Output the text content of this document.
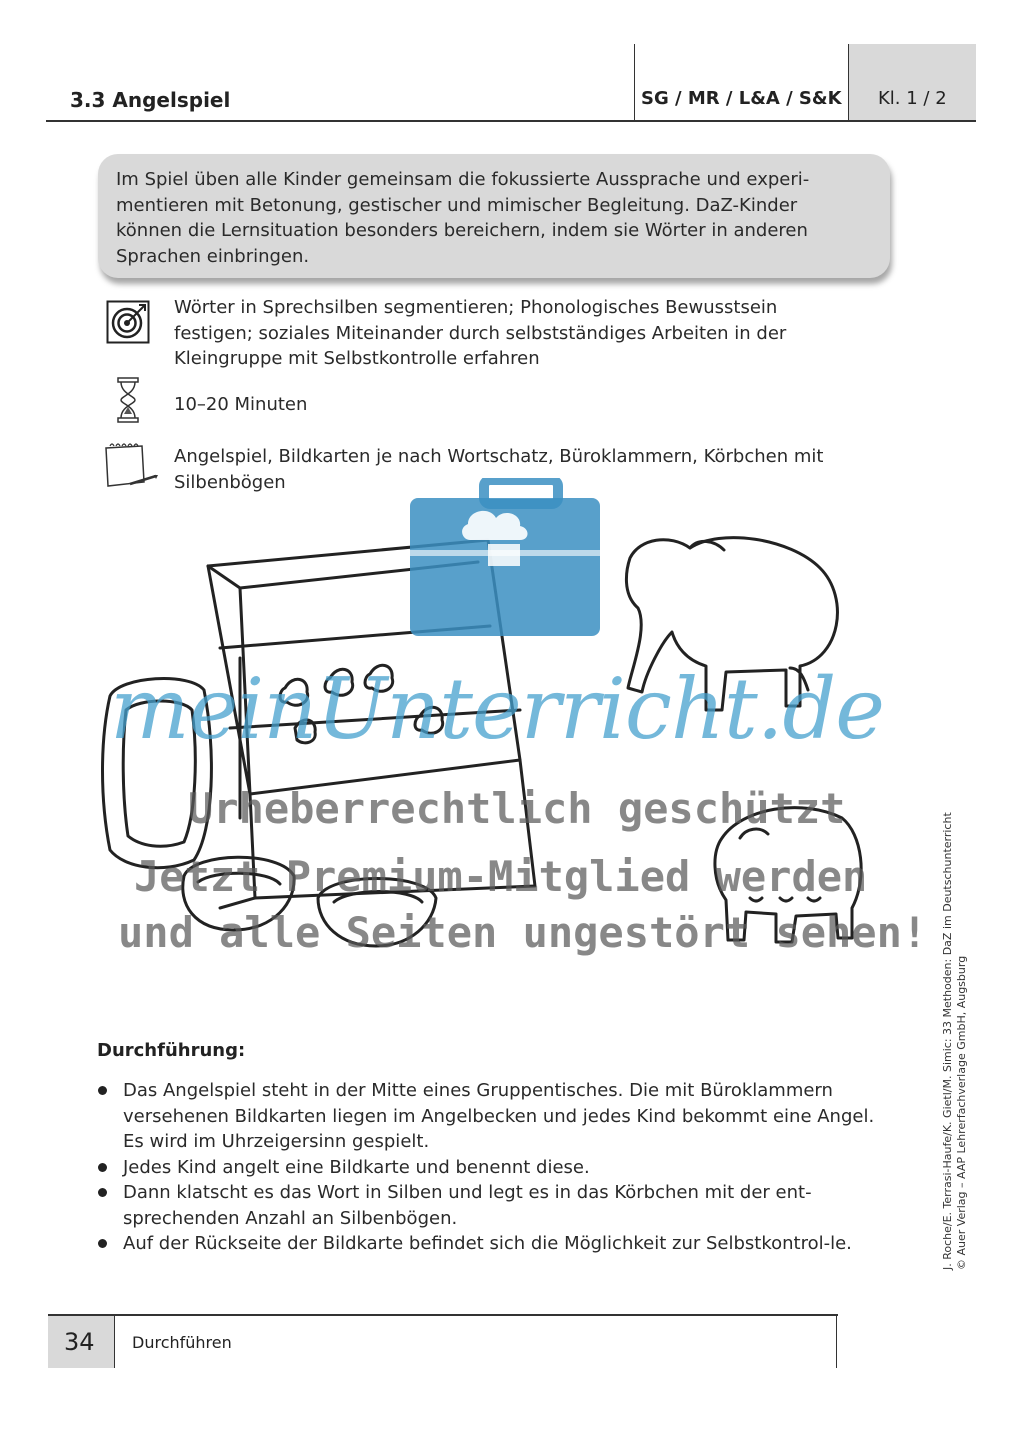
3.3 Angelspiel	SG / MR / L&A / S&K Kl. 1 / 2
Im Spiel üben alle Kinder gemeinsam die fokussierte Aussprache und experi-
mentieren mit Betonung, gestischer und mimischer Begleitung. DaZ-Kinder
können die Lernsituation besonders bereichern, indem sie Wörter in anderen
Sprachen einbringen.
Wörter in Sprechsilben segmentieren; Phonologisches Bewusstsein
festigen; soziales Miteinander durch selbstständiges Arbeiten in der
Kleingruppe mit Selbstkontrolle erfahren
10–20 Minuten
Angelspiel, Bildkarten je nach Wortschatz, Büroklammern, Körbchen mit
Silbenbögen
meinUnterricht.de
Urheberrechtlich geschützt
Jetzt Premium-Mitglied werden
und alle Seiten ungestört sehen!
Durchführung:
Das Angelspiel steht in der Mitte eines Gruppentisches. Die mit Büroklammern versehenen Bildkarten liegen im Angelbecken und jedes Kind bekommt eine Angel. Es wird im Uhrzeigersinn gespielt.
Jedes Kind angelt eine Bildkarte und benennt diese.
Dann klatscht es das Wort in Silben und legt es in das Körbchen mit der ent-sprechenden Anzahl an Silbenbögen.
Auf der Rückseite der Bildkarte befindet sich die Möglichkeit zur Selbstkontrol-le.	J. Roche/E. Terrasi-Haufe/K. Gietl/M. Simic: 33 Methoden: DaZ im Deutschunterricht © Auer Verlag – AAP Lehrerfachverlage GmbH, Augsburg
34 Durchführen
